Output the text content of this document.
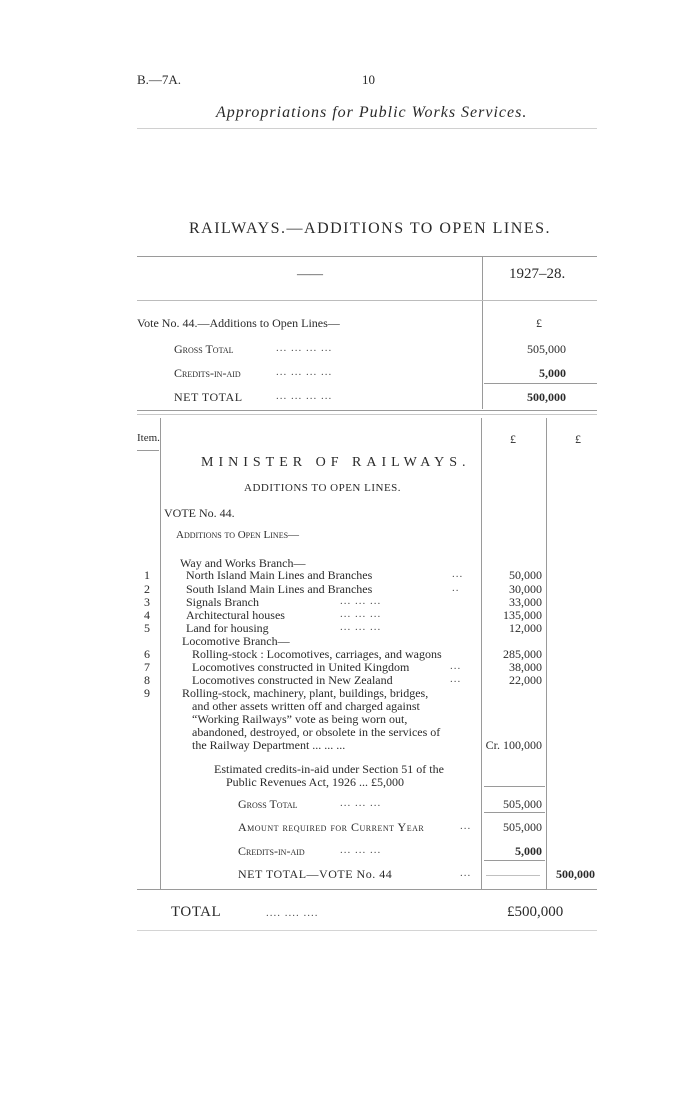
B.—7A.	10
Appropriations for Public Works Services.
RAILWAYS.—ADDITIONS TO OPEN LINES.
——	1927–28.
Vote No. 44.—Additions to Open Lines—	£
Gross Total	... ... ... ...	505,000
Credits-in-aid	... ... ... ...	5,000
NET TOTAL	... ... ... ...	500,000
Item.	£	£
MINISTER OF RAILWAYS.
ADDITIONS TO OPEN LINES.
VOTE No. 44.
Additions to Open Lines—
Way and Works Branch—
1	North Island Main Lines and Branches	...	50,000
2	South Island Main Lines and Branches	..	30,000
3	Signals Branch	... ... ...	33,000
4	Architectural houses	... ... ...	135,000
5	Land for housing	... ... ...	12,000
Locomotive Branch—
6	Rolling-stock : Locomotives, carriages, and wagons	285,000
7	Locomotives constructed in United Kingdom	...	38,000
8	Locomotives constructed in New Zealand	...	22,000
9	Rolling-stock, machinery, plant, buildings, bridges,
and other assets written off and charged against
“Working Railways” vote as being worn out,
abandoned, destroyed, or obsolete in the services of
the Railway Department ... ... ...	Cr. 100,000
Estimated credits-in-aid under Section 51 of the
Public Revenues Act, 1926 ... £5,000
Gross Total	... ... ...	505,000
Amount required for Current Year	...	505,000
Credits-in-aid	... ... ...	5,000
NET TOTAL—VOTE No. 44	...	500,000
TOTAL	.... .... ....	£500,000
